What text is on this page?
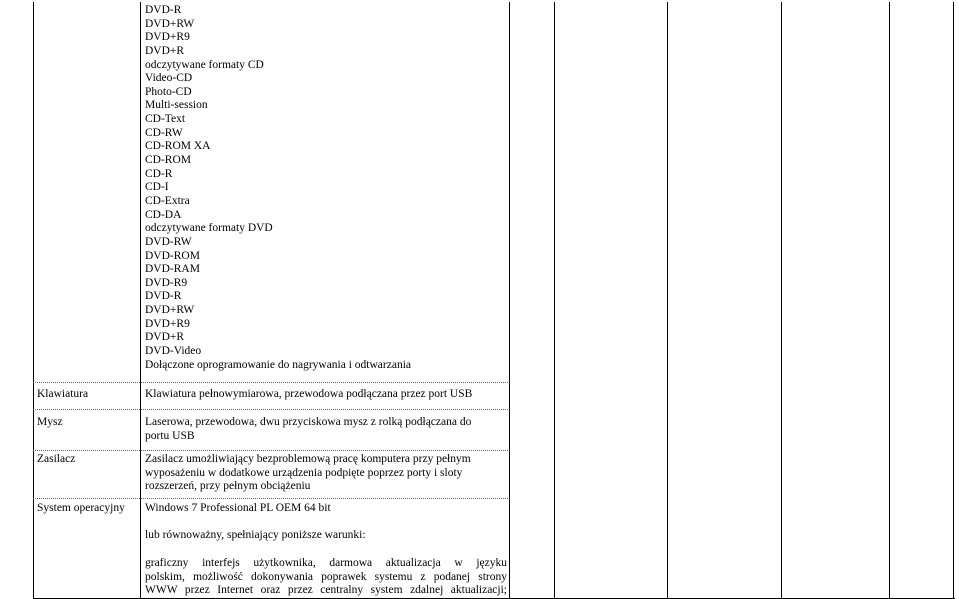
DVD-R
DVD+RW
DVD+R9
DVD+R
odczytywane formaty CD
Video-CD
Photo-CD
Multi-session
CD-Text
CD-RW
CD-ROM XA
CD-ROM
CD-R
CD-I
CD-Extra
CD-DA
odczytywane formaty DVD
DVD-RW
DVD-ROM
DVD-RAM
DVD-R9
DVD-R
DVD+RW
DVD+R9
DVD+R
DVD-Video
Dołączone oprogramowanie do nagrywania i odtwarzania
Klawiatura	Klawiatura pełnowymiarowa, przewodowa podłączana przez port USB
Mysz	Laserowa, przewodowa, dwu przyciskowa mysz z rolką podłączana do
portu USB
Zasilacz	Zasilacz umożliwiający bezproblemową pracę komputera przy pełnym
wyposażeniu w dodatkowe urządzenia podpięte poprzez porty i sloty
rozszerzeń, przy pełnym obciążeniu
System operacyjny	Windows 7 Professional PL OEM 64 bit
lub równoważny, spełniający poniższe warunki:
graficzny interfejs użytkownika, darmowa aktualizacja w języku
polskim, możliwość dokonywania poprawek systemu z podanej strony
WWW przez Internet oraz przez centralny system zdalnej aktualizacji;
